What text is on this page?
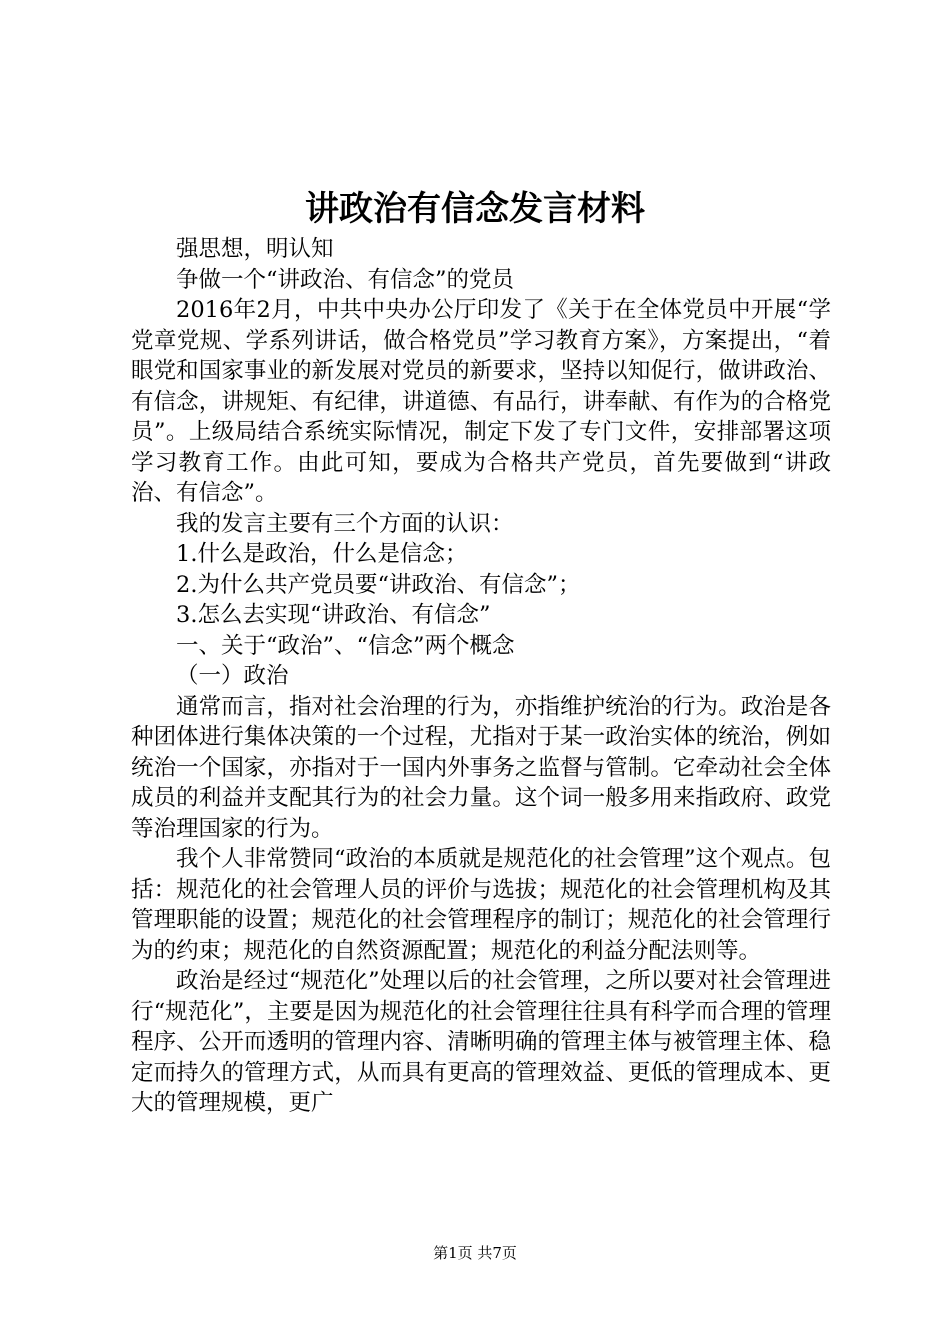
讲政治有信念发言材料

强思想，明认知

争做一个“讲政治、有信念”的党员

2016年2月，中共中央办公厅印发了《关于在全体党员中开展“学党章党规、学系列讲话，做合格党员”学习教育方案》，方案提出，“着眼党和国家事业的新发展对党员的新要求，坚持以知促行，做讲政治、有信念，讲规矩、有纪律，讲道德、有品行，讲奉献、有作为的合格党员”。上级局结合系统实际情况，制定下发了专门文件，安排部署这项学习教育工作。由此可知，要成为合格共产党员，首先要做到“讲政治、有信念”。

我的发言主要有三个方面的认识：

1.什么是政治，什么是信念；

2.为什么共产党员要“讲政治、有信念”；

3.怎么去实现“讲政治、有信念”

一、关于“政治”、“信念”两个概念

（一）政治

通常而言，指对社会治理的行为，亦指维护统治的行为。政治是各种团体进行集体决策的一个过程，尤指对于某一政治实体的统治，例如统治一个国家，亦指对于一国内外事务之监督与管制。它牵动社会全体成员的利益并支配其行为的社会力量。这个词一般多用来指政府、政党等治理国家的行为。

我个人非常赞同“政治的本质就是规范化的社会管理”这个观点。包括：规范化的社会管理人员的评价与选拔；规范化的社会管理机构及其管理职能的设置；规范化的社会管理程序的制订；规范化的社会管理行为的约束；规范化的自然资源配置；规范化的利益分配法则等。

政治是经过“规范化”处理以后的社会管理，之所以要对社会管理进行“规范化”，主要是因为规范化的社会管理往往具有科学而合理的管理程序、公开而透明的管理内容、清晰明确的管理主体与被管理主体、稳定而持久的管理方式，从而具有更高的管理效益、更低的管理成本、更大的管理规模，更广

第1页 共7页
